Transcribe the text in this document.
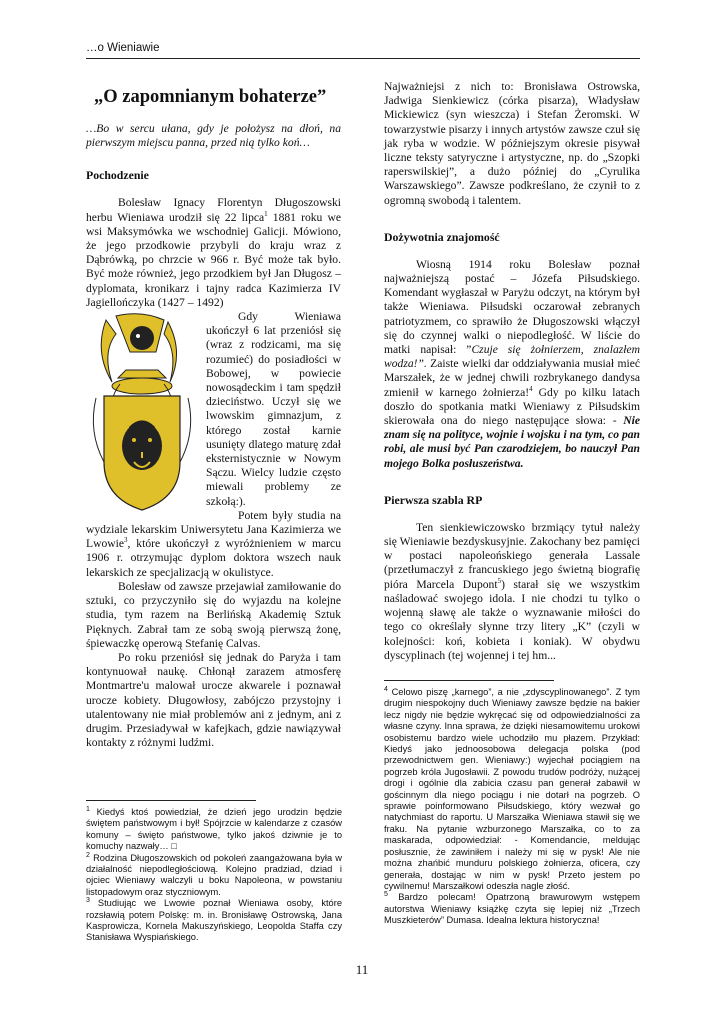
…o Wieniawie
„O zapomnianym bohaterze”
…Bo w sercu ułana, gdy je położysz na dłoń, na pierwszym miejscu panna, przed nią tylko koń…
Pochodzenie

Bolesław Ignacy Florentyn Długoszowski herbu Wieniawa urodził się 22 lipca$^1$ 1881 roku we wsi Maksymówka we wschodniej Galicji. Mówiono, że jego przodkowie przybyli do kraju wraz z Dąbrówką, po chrzcie w 966 r. Być może tak było. Być może również, jego przodkiem był Jan Długosz – dyplomata, kronikarz i tajny radca Kazimierza IV Jagiellończyka (1427 – 1492)

Gdy Wieniawa ukończył 6 lat przeniósł się (wraz z rodzicami, ma się rozumieć) do posiadłości w Bobowej, w powiecie nowosądeckim i tam spędził dzieciństwo. Uczył się we lwowskim gimnazjum, z którego został karnie usunięty dlatego maturę zdał eksternistycznie w Nowym Sączu. Wielcy ludzie często miewali problemy ze szkołą:).

Potem były studia na wydziale lekarskim Uniwersytetu Jana Kazimierza we Lwowie$^3$, które ukończył z wyróżnieniem w marcu 1906 r. otrzymując dyplom doktora wszech nauk lekarskich ze specjalizacją w okulistyce.

Bolesław od zawsze przejawiał zamiłowanie do sztuki, co przyczyniło się do wyjazdu na kolejne studia, tym razem na Berlińską Akademię Sztuk Pięknych. Zabrał tam ze sobą swoją pierwszą żonę, śpiewaczkę operową Stefanię Calvas.

Po roku przeniósł się jednak do Paryża i tam kontynuował naukę. Chłonął zarazem atmosferę Montmartre'u malował urocze akwarele i poznawał urocze kobiety. Długowłosy, zabójczo przystojny i utalentowany nie miał problemów ani z jednym, ani z drugim. Przesiadywał w kafejkach, gdzie nawiązywał kontakty z różnymi ludźmi.

Najważniejsi z nich to: Bronisława Ostrowska, Jadwiga Sienkiewicz (córka pisarza), Władysław Mickiewicz (syn wieszcza) i Stefan Żeromski. W towarzystwie pisarzy i innych artystów zawsze czuł się jak ryba w wodzie. W późniejszym okresie pisywał liczne teksty satyryczne i artystyczne, np. do „Szopki raperswilskiej”, a dużo później do „Cyrulika Warszawskiego”. Zawsze podkreślano, że czynił to z ogromną swobodą i talentem.

Dożywotnia znajomość

Wiosną 1914 roku Bolesław poznał najważniejszą postać – Józefa Piłsudskiego. Komendant wygłaszał w Paryżu odczyt, na którym był także Wieniawa. Piłsudski oczarował zebranych patriotyzmem, co sprawiło że Długoszowski włączył się do czynnej walki o niepodległość. W liście do matki napisał: ”Czuje się żołnierzem, znalazłem wodza!”. Zaiste wielki dar oddziaływania musiał mieć Marszałek, że w jednej chwili rozbrykanego dandysa zmienił w karnego żołnierza!$^4$ Gdy po kilku latach doszło do spotkania matki Wieniawy z Piłsudskim skierowała ona do niego następujące słowa: - Nie znam się na polityce, wojnie i wojsku i na tym, co pan robi, ale musi być Pan czarodziejem, bo nauczył Pan mojego Bolka posłuszeństwa.

Pierwsza szabla RP

Ten sienkiewiczowsko brzmiący tytuł należy się Wieniawie bezdyskusyjnie. Zakochany bez pamięci w postaci napoleońskiego generała Lassale (przetłumaczył z francuskiego jego świetną biografię pióra Marcela Dupont$^5$) starał się we wszystkim naśladować swojego idola. I nie chodzi tu tylko o wojenną sławę ale także o wyznawanie miłości do tego co określały słynne trzy litery „K” (czyli w kolejności: koń, kobieta i koniak). W obydwu dyscyplinach (tej wojennej i tej hm...

$^1$ Kiedyś ktoś powiedział, że dzień jego urodzin będzie świętem państwowym i był! Spójrzcie w kalendarze z czasów komuny – święto państwowe, tylko jakoś dziwnie je to komuchy nazwały… □

$^2$ Rodzina Długoszowskich od pokoleń zaangażowana była w działalność niepodległościową. Kolejno pradziad, dziad i ojciec Wieniawy walczyli u boku Napoleona, w powstaniu listopadowym oraz styczniowym.

$^3$ Studiując we Lwowie poznał Wieniawa osoby, które rozsławią potem Polskę: m. in. Bronisławę Ostrowską, Jana Kasprowicza, Kornela Makuszyńskiego, Leopolda Staffa czy Stanisława Wyspiańskiego.

$^4$ Celowo piszę „karnego”, a nie „zdyscyplinowanego”. Z tym drugim niespokojny duch Wieniawy zawsze będzie na bakier lecz nigdy nie będzie wykręcać się od odpowiedzialności za własne czyny. Inna sprawa, że dzięki niesamowitemu urokowi osobistemu bardzo wiele uchodziło mu płazem. Przykład: Kiedyś jako jednoosobowa delegacja polska (pod przewodnictwem gen. Wieniawy:) wyjechał pociągiem na pogrzeb króla Jugosławii. Z powodu trudów podróży, nużącej drogi i ogólnie dla zabicia czasu pan generał zabawił w gościnnym dla niego pociągu i nie dotarł na pogrzeb. O sprawie poinformowano Piłsudskiego, który wezwał go natychmiast do raportu. U Marszałka Wieniawa stawił się we fraku. Na pytanie wzburzonego Marszałka, co to za maskarada, odpowiedział: - Komendancie, meldując posłusznie, że zawiniłem i należy mi się w pysk! Ale nie można zhańbić munduru polskiego żołnierza, oficera, czy generała, dostając w nim w pysk! Przeto jestem po cywilnemu! Marszałkowi odeszła nagle złość.

$^5$ Bardzo polecam! Opatrzoną brawurowym wstępem autorstwa Wieniawy książkę czyta się lepiej niż „Trzech Muszkieterów” Dumasa. Idealna lektura historyczna!

11
